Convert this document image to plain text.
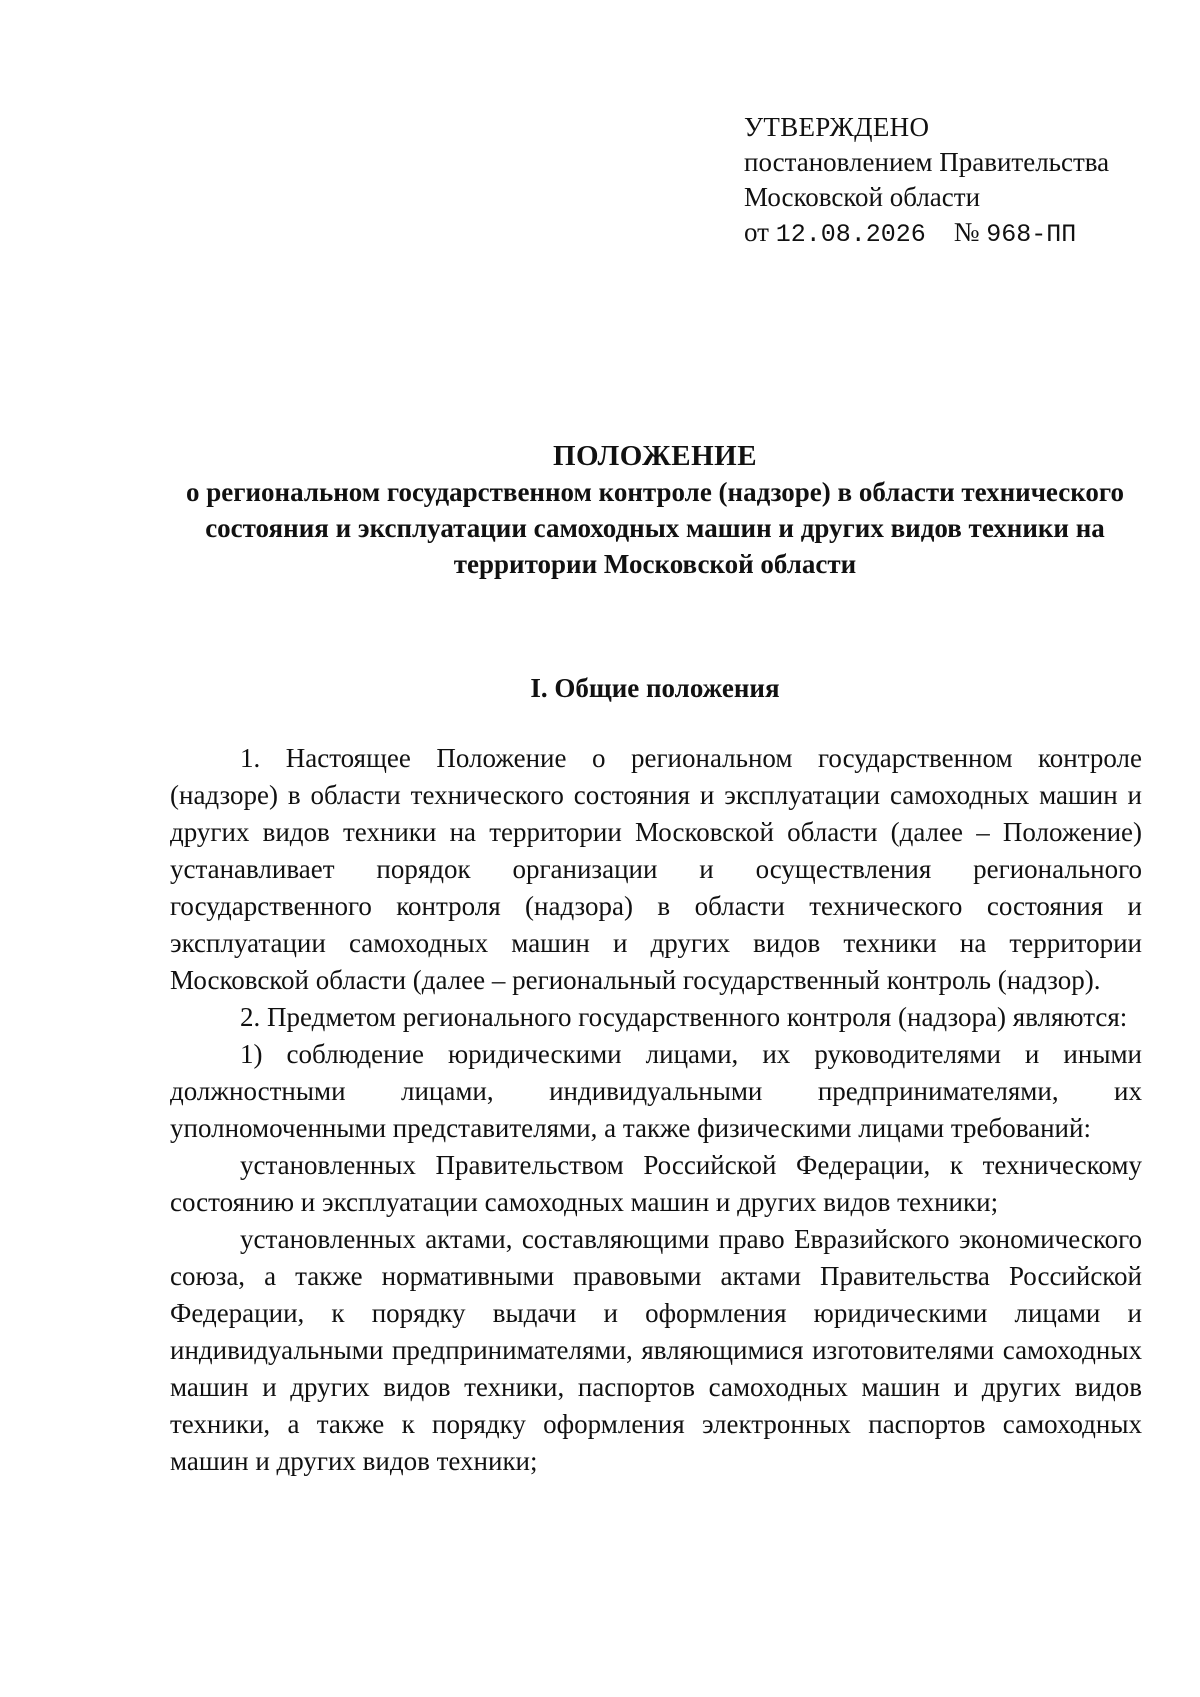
УТВЕРЖДЕНО
постановлением Правительства
Московской области
от 12.08.2026 № 968-ПП
ПОЛОЖЕНИЕ
о региональном государственном контроле (надзоре) в области технического состояния и эксплуатации самоходных машин и других видов техники на территории Московской области
I. Общие положения

1. Настоящее Положение о региональном государственном контроле (надзоре) в области технического состояния и эксплуатации самоходных машин и других видов техники на территории Московской области (далее – Положение) устанавливает порядок организации и осуществления регионального государственного контроля (надзора) в области технического состояния и эксплуатации самоходных машин и других видов техники на территории Московской области (далее – региональный государственный контроль (надзор).

2. Предметом регионального государственного контроля (надзора) являются:

1) соблюдение юридическими лицами, их руководителями и иными должностными лицами, индивидуальными предпринимателями, их уполномоченными представителями, а также физическими лицами требований:

установленных Правительством Российской Федерации, к техническому состоянию и эксплуатации самоходных машин и других видов техники;

установленных актами, составляющими право Евразийского экономического союза, а также нормативными правовыми актами Правительства Российской Федерации, к порядку выдачи и оформления юридическими лицами и индивидуальными предпринимателями, являющимися изготовителями самоходных машин и других видов техники, паспортов самоходных машин и других видов техники, а также к порядку оформления электронных паспортов самоходных машин и других видов техники;
